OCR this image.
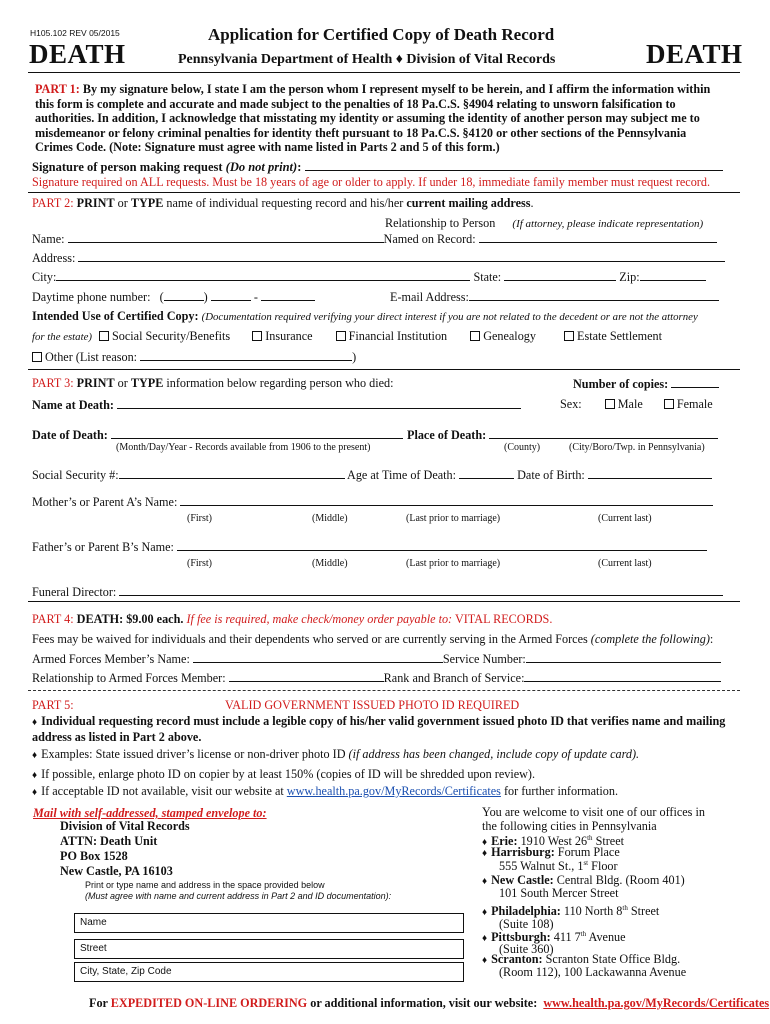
H105.102 REV 05/2015
DEATH
Application for Certified Copy of Death Record
Pennsylvania Department of Health ♦ Division of Vital Records	DEATH
PART 1: By my signature below, I state I am the person whom I represent myself to be herein, and I affirm the information within this form is complete and accurate and made subject to the penalties of 18 Pa.C.S. §4904 relating to unsworn falsification to authorities. In addition, I acknowledge that misstating my identity or assuming the identity of another person may subject me to misdemeanor or felony criminal penalties for identity theft pursuant to 18 Pa.C.S. §4120 or other sections of the Pennsylvania Crimes Code. (Note: Signature must agree with name listed in Parts 2 and 5 of this form.)
Signature of person making request (Do not print):
Signature required on ALL requests. Must be 18 years of age or older to apply. If under 18, immediate family member must request record.
PART 2: PRINT or TYPE name of individual requesting record and his/her current mailing address.
Relationship to Person (If attorney, please indicate representation)
Name:	Named on Record:
Address:
City:	State:	Zip:
Daytime phone number: (	)	-	E-mail Address:
Intended Use of Certified Copy: (Documentation required verifying your direct interest if you are not related to the decedent or are not the attorney
for the estate) Social Security/Benefits	Insurance	Financial Institution	Genealogy	Estate Settlement
Other (List reason:	)
PART 3: PRINT or TYPE information below regarding person who died:	Number of copies:
Name at Death:	Sex:	Male	Female
Date of Death:	Place of Death:
(Month/Day/Year - Records available from 1906 to the present)	(County)	(City/Boro/Twp. in Pennsylvania)
Social Security #:	Age at Time of Death:	Date of Birth:
Mother’s or Parent A’s Name:
(First)	(Middle)	(Last prior to marriage)	(Current last)
Father’s or Parent B’s Name:
(First)	(Middle)	(Last prior to marriage)	(Current last)
Funeral Director:
PART 4: DEATH: $9.00 each. If fee is required, make check/money order payable to: VITAL RECORDS.
Fees may be waived for individuals and their dependents who served or are currently serving in the Armed Forces (complete the following):
Armed Forces Member’s Name:	Service Number:
Relationship to Armed Forces Member:	Rank and Branch of Service:
PART 5:	VALID GOVERNMENT ISSUED PHOTO ID REQUIRED
♦ Individual requesting record must include a legible copy of his/her valid government issued photo ID that verifies name and mailing address as listed in Part 2 above.
♦ Examples: State issued driver’s license or non-driver photo ID (if address has been changed, include copy of update card).
♦ If possible, enlarge photo ID on copier by at least 150% (copies of ID will be shredded upon review).
♦ If acceptable ID not available, visit our website at www.health.pa.gov/MyRecords/Certificates for further information.
Mail with self-addressed, stamped envelope to:
Division of Vital Records
ATTN: Death Unit
PO Box 1528
New Castle, PA 16103
Print or type name and address in the space provided below
(Must agree with name and current address in Part 2 and ID documentation):
Name
Street
City, State, Zip Code
You are welcome to visit one of our offices in the following cities in Pennsylvania
♦ Erie: 1910 West 26th Street
♦ Harrisburg: Forum Place
555 Walnut St., 1st Floor
♦ New Castle: Central Bldg. (Room 401)
101 South Mercer Street
♦ Philadelphia: 110 North 8th Street
(Suite 108)
♦ Pittsburgh: 411 7th Avenue
(Suite 360)
♦ Scranton: Scranton State Office Bldg.
(Room 112), 100 Lackawanna Avenue
For EXPEDITED ON-LINE ORDERING or additional information, visit our website: www.health.pa.gov/MyRecords/Certificates
